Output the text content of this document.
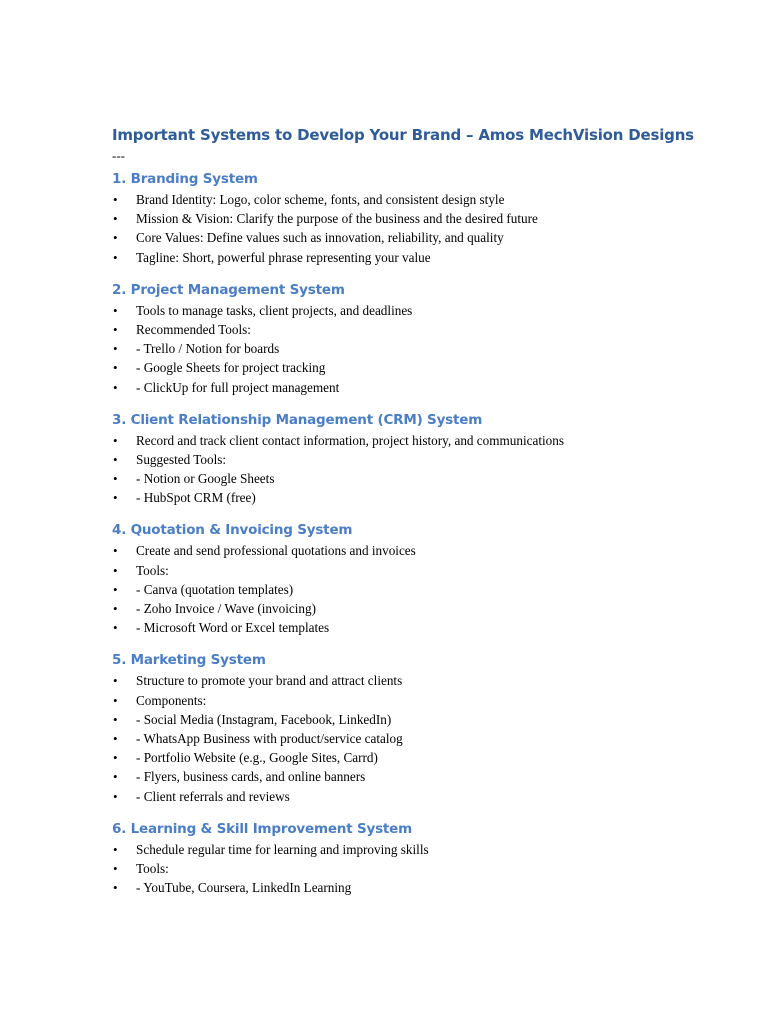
Important Systems to Develop Your Brand – Amos MechVision Designs
---
1. Branding System
• Brand Identity: Logo, color scheme, fonts, and consistent design style
• Mission & Vision: Clarify the purpose of the business and the desired future
• Core Values: Define values such as innovation, reliability, and quality
• Tagline: Short, powerful phrase representing your value
2. Project Management System
• Tools to manage tasks, client projects, and deadlines
• Recommended Tools:
• - Trello / Notion for boards
• - Google Sheets for project tracking
• - ClickUp for full project management
3. Client Relationship Management (CRM) System
• Record and track client contact information, project history, and communications
• Suggested Tools:
• - Notion or Google Sheets
• - HubSpot CRM (free)
4. Quotation & Invoicing System
• Create and send professional quotations and invoices
• Tools:
• - Canva (quotation templates)
• - Zoho Invoice / Wave (invoicing)
• - Microsoft Word or Excel templates
5. Marketing System
• Structure to promote your brand and attract clients
• Components:
• - Social Media (Instagram, Facebook, LinkedIn)
• - WhatsApp Business with product/service catalog
• - Portfolio Website (e.g., Google Sites, Carrd)
• - Flyers, business cards, and online banners
• - Client referrals and reviews
6. Learning & Skill Improvement System
• Schedule regular time for learning and improving skills
• Tools:
• - YouTube, Coursera, LinkedIn Learning
